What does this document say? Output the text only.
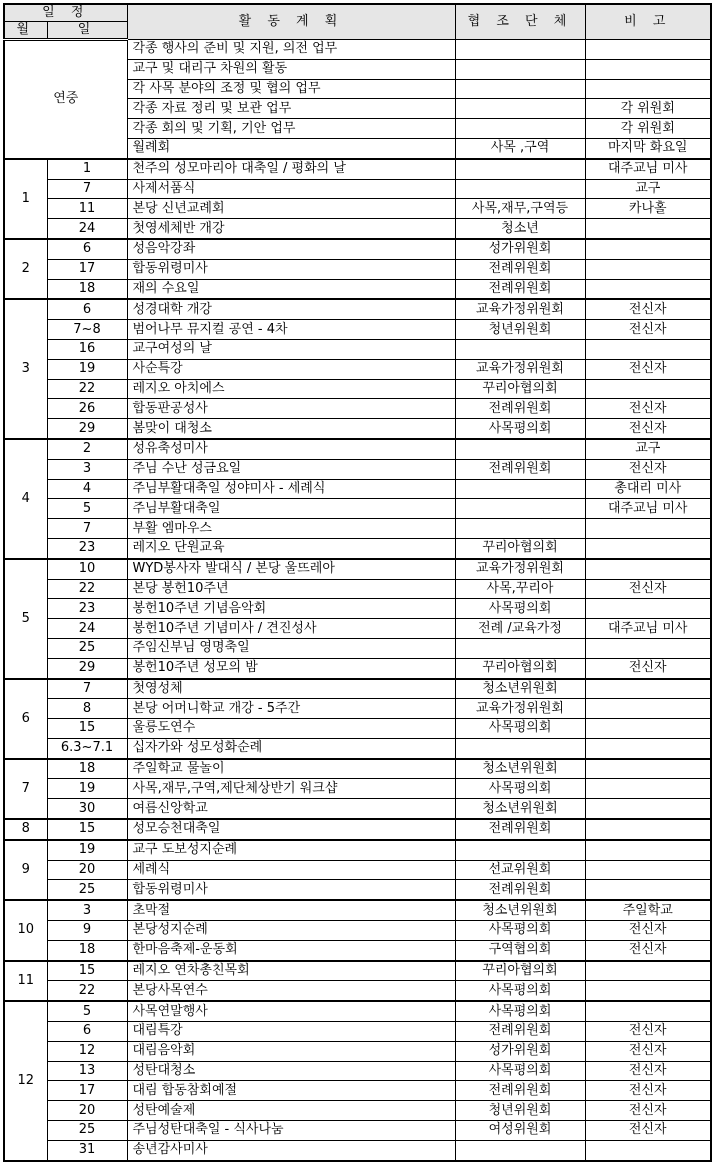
일 정		활 동 계 획	협 조 단 체	비 고
월	일			
연중		각종 행사의 준비 및 지원, 의전 업무		
		교구 및 대리구 차원의 활동		
		각 사목 분야의 조정 및 협의 업무		
		각종 자료 정리 및 보관 업무		각 위원회
		각종 회의 및 기획, 기안 업무		각 위원회
		월례회	사목 ,구역	마지막 화요일
1	1	천주의 성모마리아 대축일 / 평화의 날		대주교님 미사
	7	사제서품식		교구
	11	본당 신년교례회	사목,재무,구역등	카나홀
	24	첫영세체반 개강	청소년	
2	6	성음악강좌	성가위원회	
	17	합동위령미사	전례위원회	
	18	재의 수요일	전례위원회	
3	6	성경대학 개강	교육가정위원회	전신자
	7~8	범어나무 뮤지컬 공연 - 4차	청년위원회	전신자
	16	교구여성의 날		
	19	사순특강	교육가정위원회	전신자
	22	레지오 아치에스	꾸리아협의회	
	26	합동판공성사	전례위원회	전신자
	29	봄맞이 대청소	사목평의회	전신자
4	2	성유축성미사		교구
	3	주님 수난 성금요일	전례위원회	전신자
	4	주님부활대축일 성야미사 - 세례식		총대리 미사
	5	주님부활대축일		대주교님 미사
	7	부활 엠마우스		
	23	레지오 단원교육	꾸리아협의회	
5	10	WYD봉사자 발대식 / 본당 울뜨레아	교육가정위원회	
	22	본당 봉헌10주년	사목,꾸리아	전신자
	23	봉헌10주년 기념음악회	사목평의회	
	24	봉헌10주년 기념미사 / 견진성사	전례 /교육가정	대주교님 미사
	25	주임신부님 영명축일		
	29	봉헌10주년 성모의 밤	꾸리아협의회	전신자
6	7	첫영성체	청소년위원회	
	8	본당 어머니학교 개강 - 5주간	교육가정위원회	
	15	울릉도연수	사목평의회	
	6.3~7.1	십자가와 성모성화순례		
7	18	주일학교 물놀이	청소년위원회	
	19	사목,재무,구역,제단체상반기 워크샵	사목평의회	
	30	여름신앙학교	청소년위원회	
8	15	성모승천대축일	전례위원회	
9	19	교구 도보성지순례		
	20	세례식	선교위원회	
	25	합동위령미사	전례위원회	
10	3	초막절	청소년위원회	주일학교
	9	본당성지순례	사목평의회	전신자
	18	한마음축제-운동회	구역협의회	전신자
11	15	레지오 연차총친목회	꾸리아협의회	
	22	본당사목연수	사목평의회	
12	5	사목연말행사	사목평의회	
	6	대림특강	전례위원회	전신자
	12	대림음악회	성가위원회	전신자
	13	성탄대청소	사목평의회	전신자
	17	대림 합동참회예절	전례위원회	전신자
	20	성탄예술제	청년위원회	전신자
	25	주님성탄대축일 - 식사나눔	여성위원회	전신자
	31	송년감사미사		
